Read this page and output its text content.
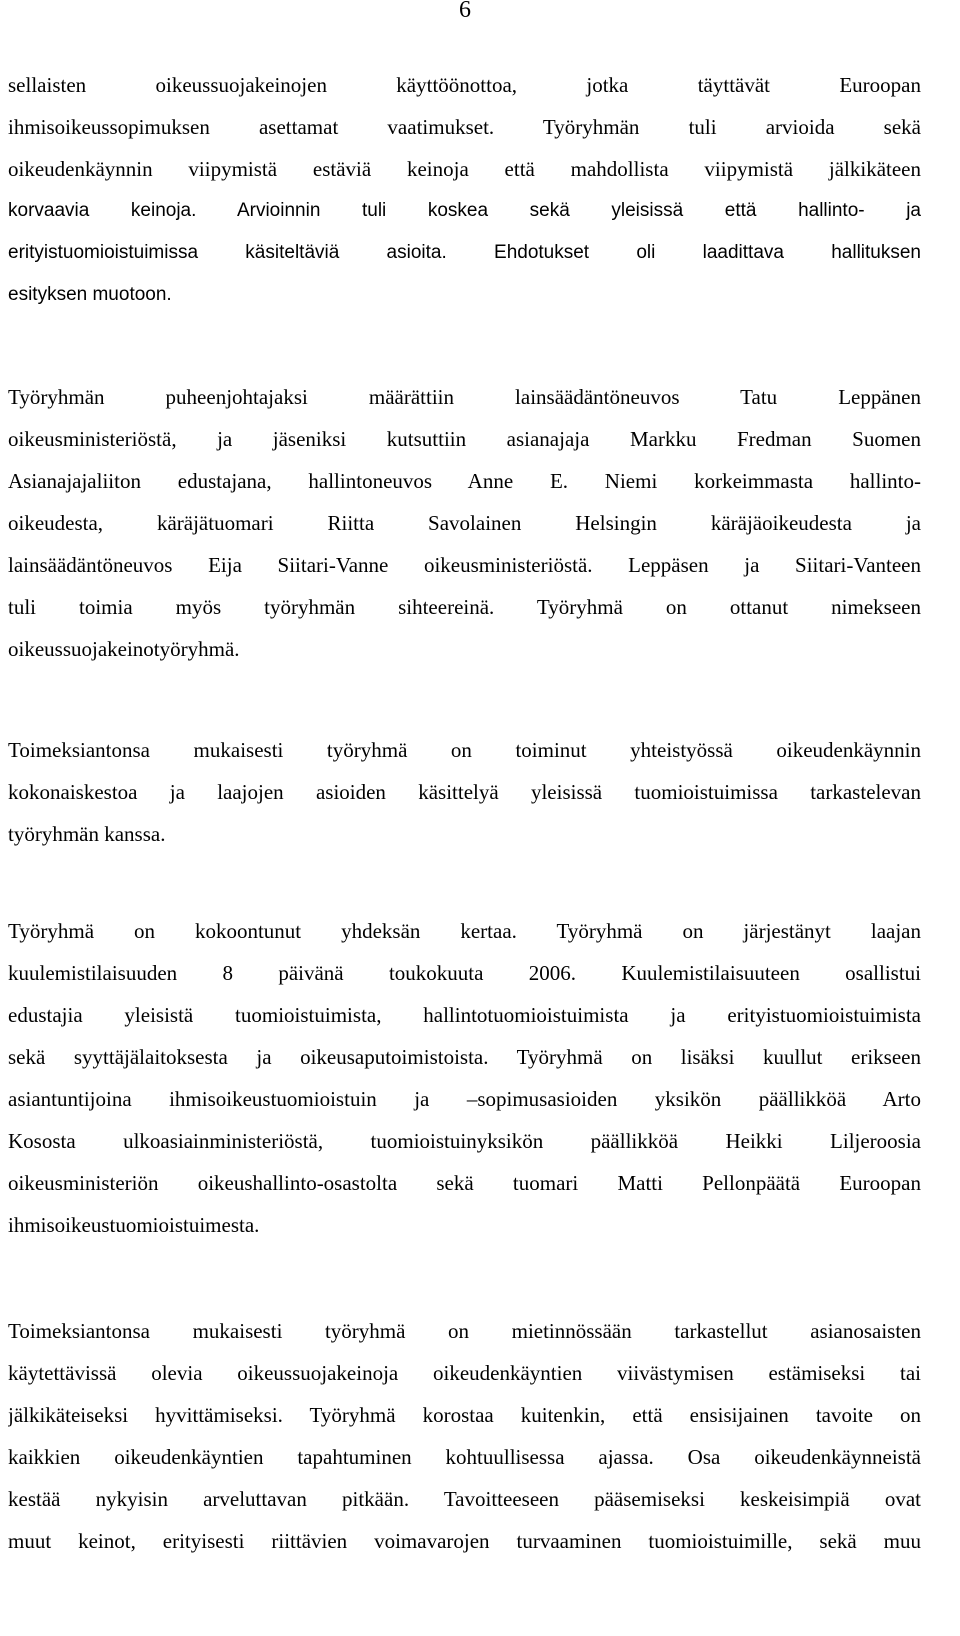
6
sellaisten oikeussuojakeinojen käyttöönottoa, jotka täyttävät Euroopan
ihmisoikeussopimuksen asettamat vaatimukset. Työryhmän tuli arvioida sekä
oikeudenkäynnin viipymistä estäviä keinoja että mahdollista viipymistä jälkikäteen
korvaavia keinoja. Arvioinnin tuli koskea sekä yleisissä että hallinto- ja
erityistuomioistuimissa käsiteltäviä asioita. Ehdotukset oli laadittava hallituksen
esityksen muotoon.
Työryhmän puheenjohtajaksi määrättiin lainsäädäntöneuvos Tatu Leppänen
oikeusministeriöstä, ja jäseniksi kutsuttiin asianajaja Markku Fredman Suomen
Asianajajaliiton edustajana, hallintoneuvos Anne E. Niemi korkeimmasta hallinto-
oikeudesta, käräjätuomari Riitta Savolainen Helsingin käräjäoikeudesta ja
lainsäädäntöneuvos Eija Siitari-Vanne oikeusministeriöstä. Leppäsen ja Siitari-Vanteen
tuli toimia myös työryhmän sihteereinä. Työryhmä on ottanut nimekseen
oikeussuojakeinotyöryhmä.
Toimeksiantonsa mukaisesti työryhmä on toiminut yhteistyössä oikeudenkäynnin
kokonaiskestoa ja laajojen asioiden käsittelyä yleisissä tuomioistuimissa tarkastelevan
työryhmän kanssa.
Työryhmä on kokoontunut yhdeksän kertaa. Työryhmä on järjestänyt laajan
kuulemistilaisuuden 8 päivänä toukokuuta 2006. Kuulemistilaisuuteen osallistui
edustajia yleisistä tuomioistuimista, hallintotuomioistuimista ja erityistuomioistuimista
sekä syyttäjälaitoksesta ja oikeusaputoimistoista. Työryhmä on lisäksi kuullut erikseen
asiantuntijoina ihmisoikeustuomioistuin ja –sopimusasioiden yksikön päällikköä Arto
Kososta ulkoasiainministeriöstä, tuomioistuinyksikön päällikköä Heikki Liljeroosia
oikeusministeriön oikeushallinto-osastolta sekä tuomari Matti Pellonpäätä Euroopan
ihmisoikeustuomioistuimesta.
Toimeksiantonsa mukaisesti työryhmä on mietinnössään tarkastellut asianosaisten
käytettävissä olevia oikeussuojakeinoja oikeudenkäyntien viivästymisen estämiseksi tai
jälkikäteiseksi hyvittämiseksi. Työryhmä korostaa kuitenkin, että ensisijainen tavoite on
kaikkien oikeudenkäyntien tapahtuminen kohtuullisessa ajassa. Osa oikeudenkäynneistä
kestää nykyisin arveluttavan pitkään. Tavoitteeseen pääsemiseksi keskeisimpiä ovat
muut keinot, erityisesti riittävien voimavarojen turvaaminen tuomioistuimille, sekä muu
